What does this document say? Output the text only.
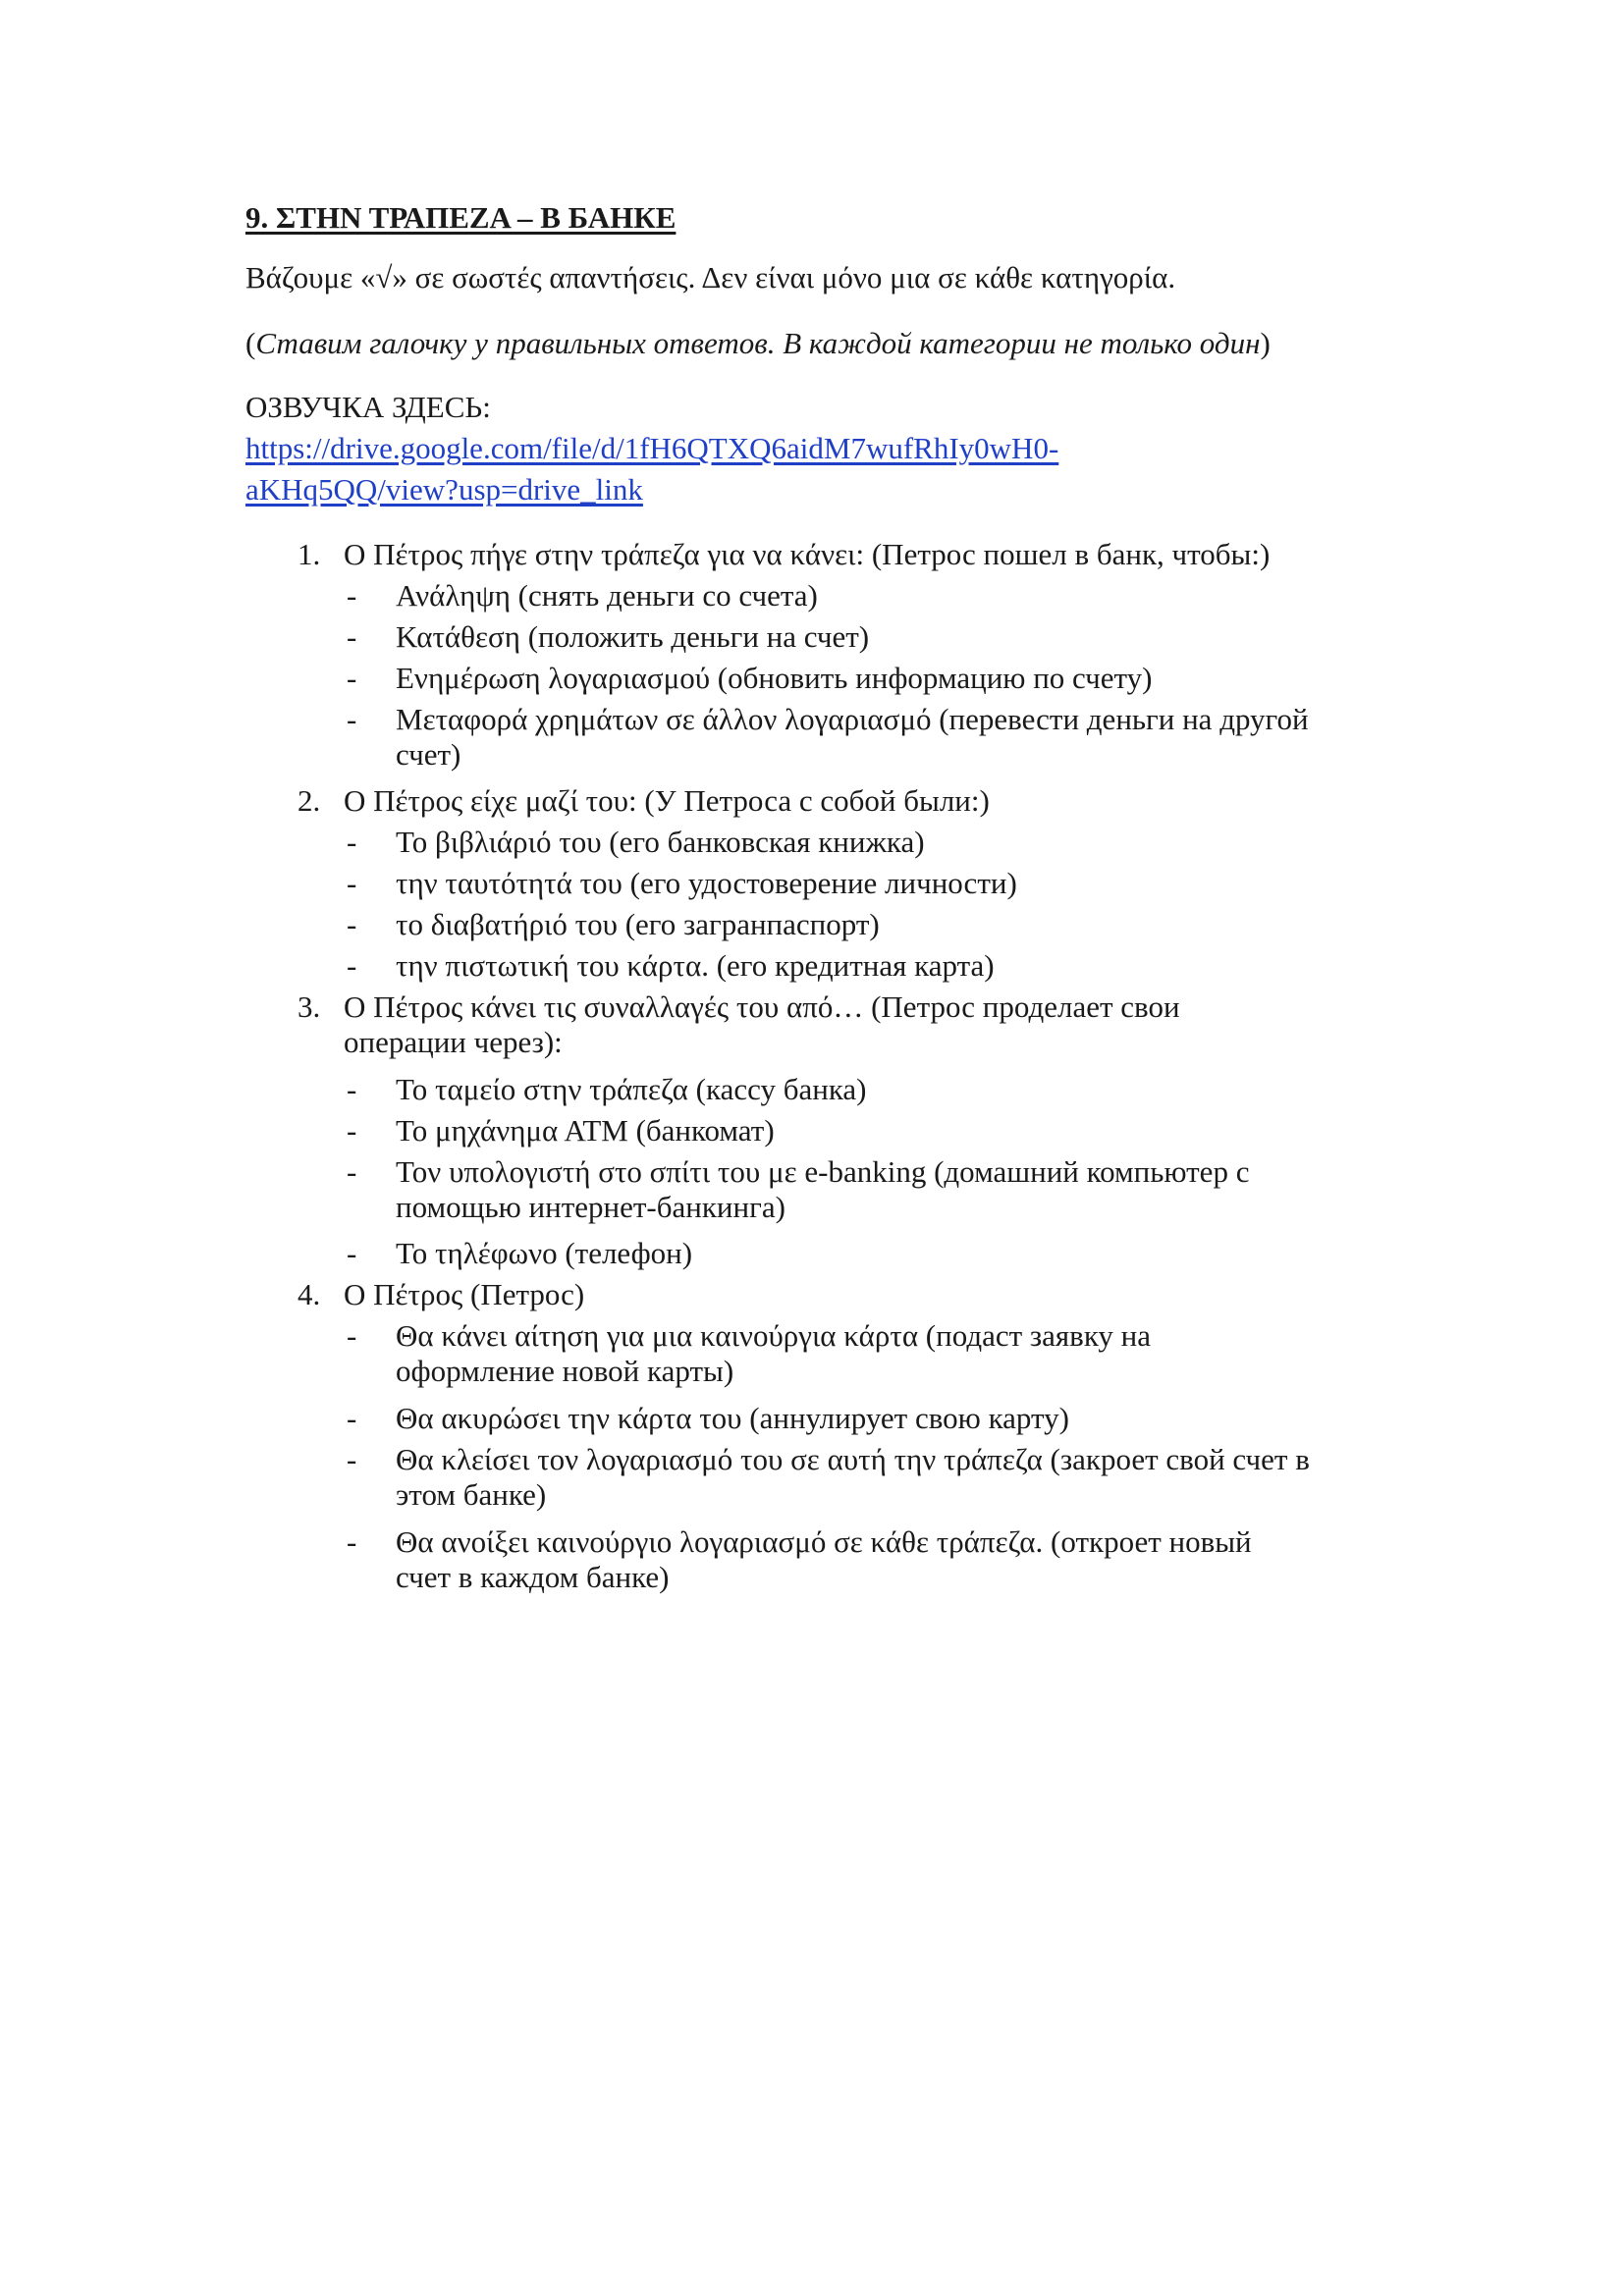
9. ΣΤΗΝ ΤΡΑΠΕΖΑ – В БАНКЕ
Βάζουμε «√» σε σωστές απαντήσεις. Δεν είναι μόνο μια σε κάθε κατηγορία.
(Ставим галочку у правильных ответов. В каждой категории не только один)
ОЗВУЧКА ЗДЕСЬ:
https://drive.google.com/file/d/1fH6QTXQ6aidM7wufRhIy0wH0-
aKHq5QQ/view?usp=drive_link
1. Ο Πέτρος πήγε στην τράπεζα για να κάνει: (Петрос пошел в банк, чтобы:)
- Ανάληψη (снять деньги со счета)
- Κατάθεση (положить деньги на счет)
- Ενημέρωση λογαριασμού (обновить информацию по счету)
- Μεταφορά χρημάτων σε άλλον λογαριασμό (перевести деньги на другой
счет)
2. Ο Πέτρος είχε μαζί του: (У Петроса с собой были:)
- Το βιβλιάριό του (его банковская книжка)
- την ταυτότητά του (его удостоверение личности)
- το διαβατήριό του (его загранпаспорт)
- την πιστωτική του κάρτα. (его кредитная карта)
3. Ο Πέτρος κάνει τις συναλλαγές του από… (Петрос проделает свои
операции через):
- Το ταμείο στην τράπεζα (кассу банка)
- Το μηχάνημα ΑΤΜ (банкомат)
- Τον υπολογιστή στο σπίτι του με e-banking (домашний компьютер с
помощью интернет-банкинга)
- Το τηλέφωνο (телефон)
4. Ο Πέτρος (Петрос)
- Θα κάνει αίτηση για μια καινούργια κάρτα (подаст заявку на
оформление новой карты)
- Θα ακυρώσει την κάρτα του (аннулирует свою карту)
- Θα κλείσει τον λογαριασμό του σε αυτή την τράπεζα (закроет свой счет в
этом банке)
- Θα ανοίξει καινούργιο λογαριασμό σε κάθε τράπεζα. (откроет новый
счет в каждом банке)
